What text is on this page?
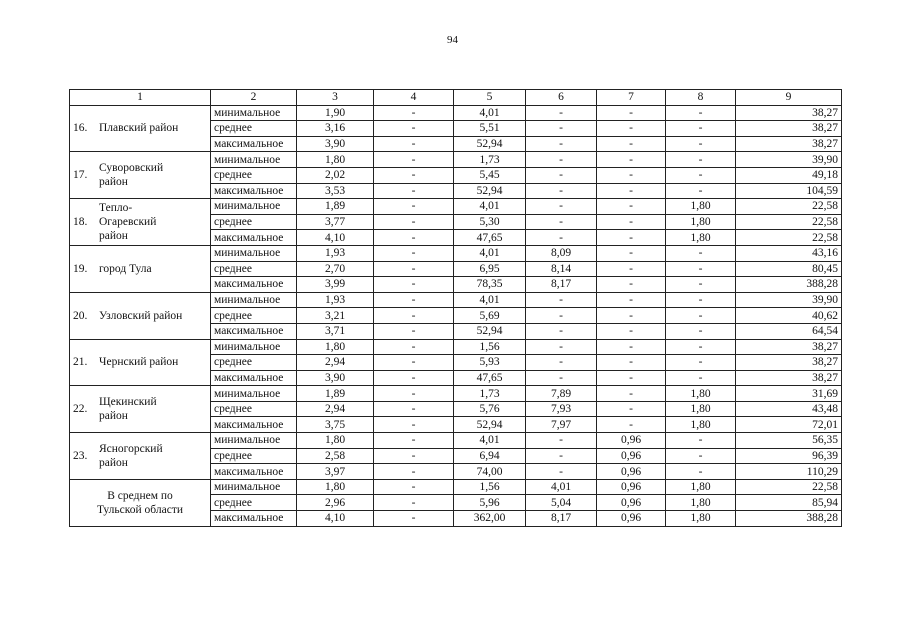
94
1	2	3	4	5	6	7	8	9

16. Плавский район	минимальное	1,90	-	4,01	-	-	-	38,27
	среднее	3,16	-	5,51	-	-	-	38,27
	максимальное	3,90	-	52,94	-	-	-	38,27

17.
Суворовский
район	минимальное	1,80	-	1,73	-	-	-	39,90
	среднее	2,02	-	5,45	-	-	-	49,18
	максимальное	3,53	-	52,94	-	-	-	104,59

18.
Тепло-
Огаревский
район	минимальное	1,89	-	4,01	-	-	1,80	22,58
	среднее	3,77	-	5,30	-	-	1,80	22,58
	максимальное	4,10	-	47,65	-	-	1,80	22,58

19. город Тула	минимальное	1,93	-	4,01	8,09	-	-	43,16
	среднее	2,70	-	6,95	8,14	-	-	80,45
	максимальное	3,99	-	78,35	8,17	-	-	388,28

20. Узловский район	минимальное	1,93	-	4,01	-	-	-	39,90
	среднее	3,21	-	5,69	-	-	-	40,62
	максимальное	3,71	-	52,94	-	-	-	64,54

21. Чернский район	минимальное	1,80	-	1,56	-	-	-	38,27
	среднее	2,94	-	5,93	-	-	-	38,27
	максимальное	3,90	-	47,65	-	-	-	38,27

22.
Щекинский
район	минимальное	1,89	-	1,73	7,89	-	1,80	31,69
	среднее	2,94	-	5,76	7,93	-	1,80	43,48
	максимальное	3,75	-	52,94	7,97	-	1,80	72,01

23.
Ясногорский
район	минимальное	1,80	-	4,01	-	0,96	-	56,35
	среднее	2,58	-	6,94	-	0,96	-	96,39
	максимальное	3,97	-	74,00	-	0,96	-	110,29

В среднем по
Тульской области	минимальное	1,80	-	1,56	4,01	0,96	1,80	22,58
	среднее	2,96	-	5,96	5,04	0,96	1,80	85,94
	максимальное	4,10	-	362,00	8,17	0,96	1,80	388,28
